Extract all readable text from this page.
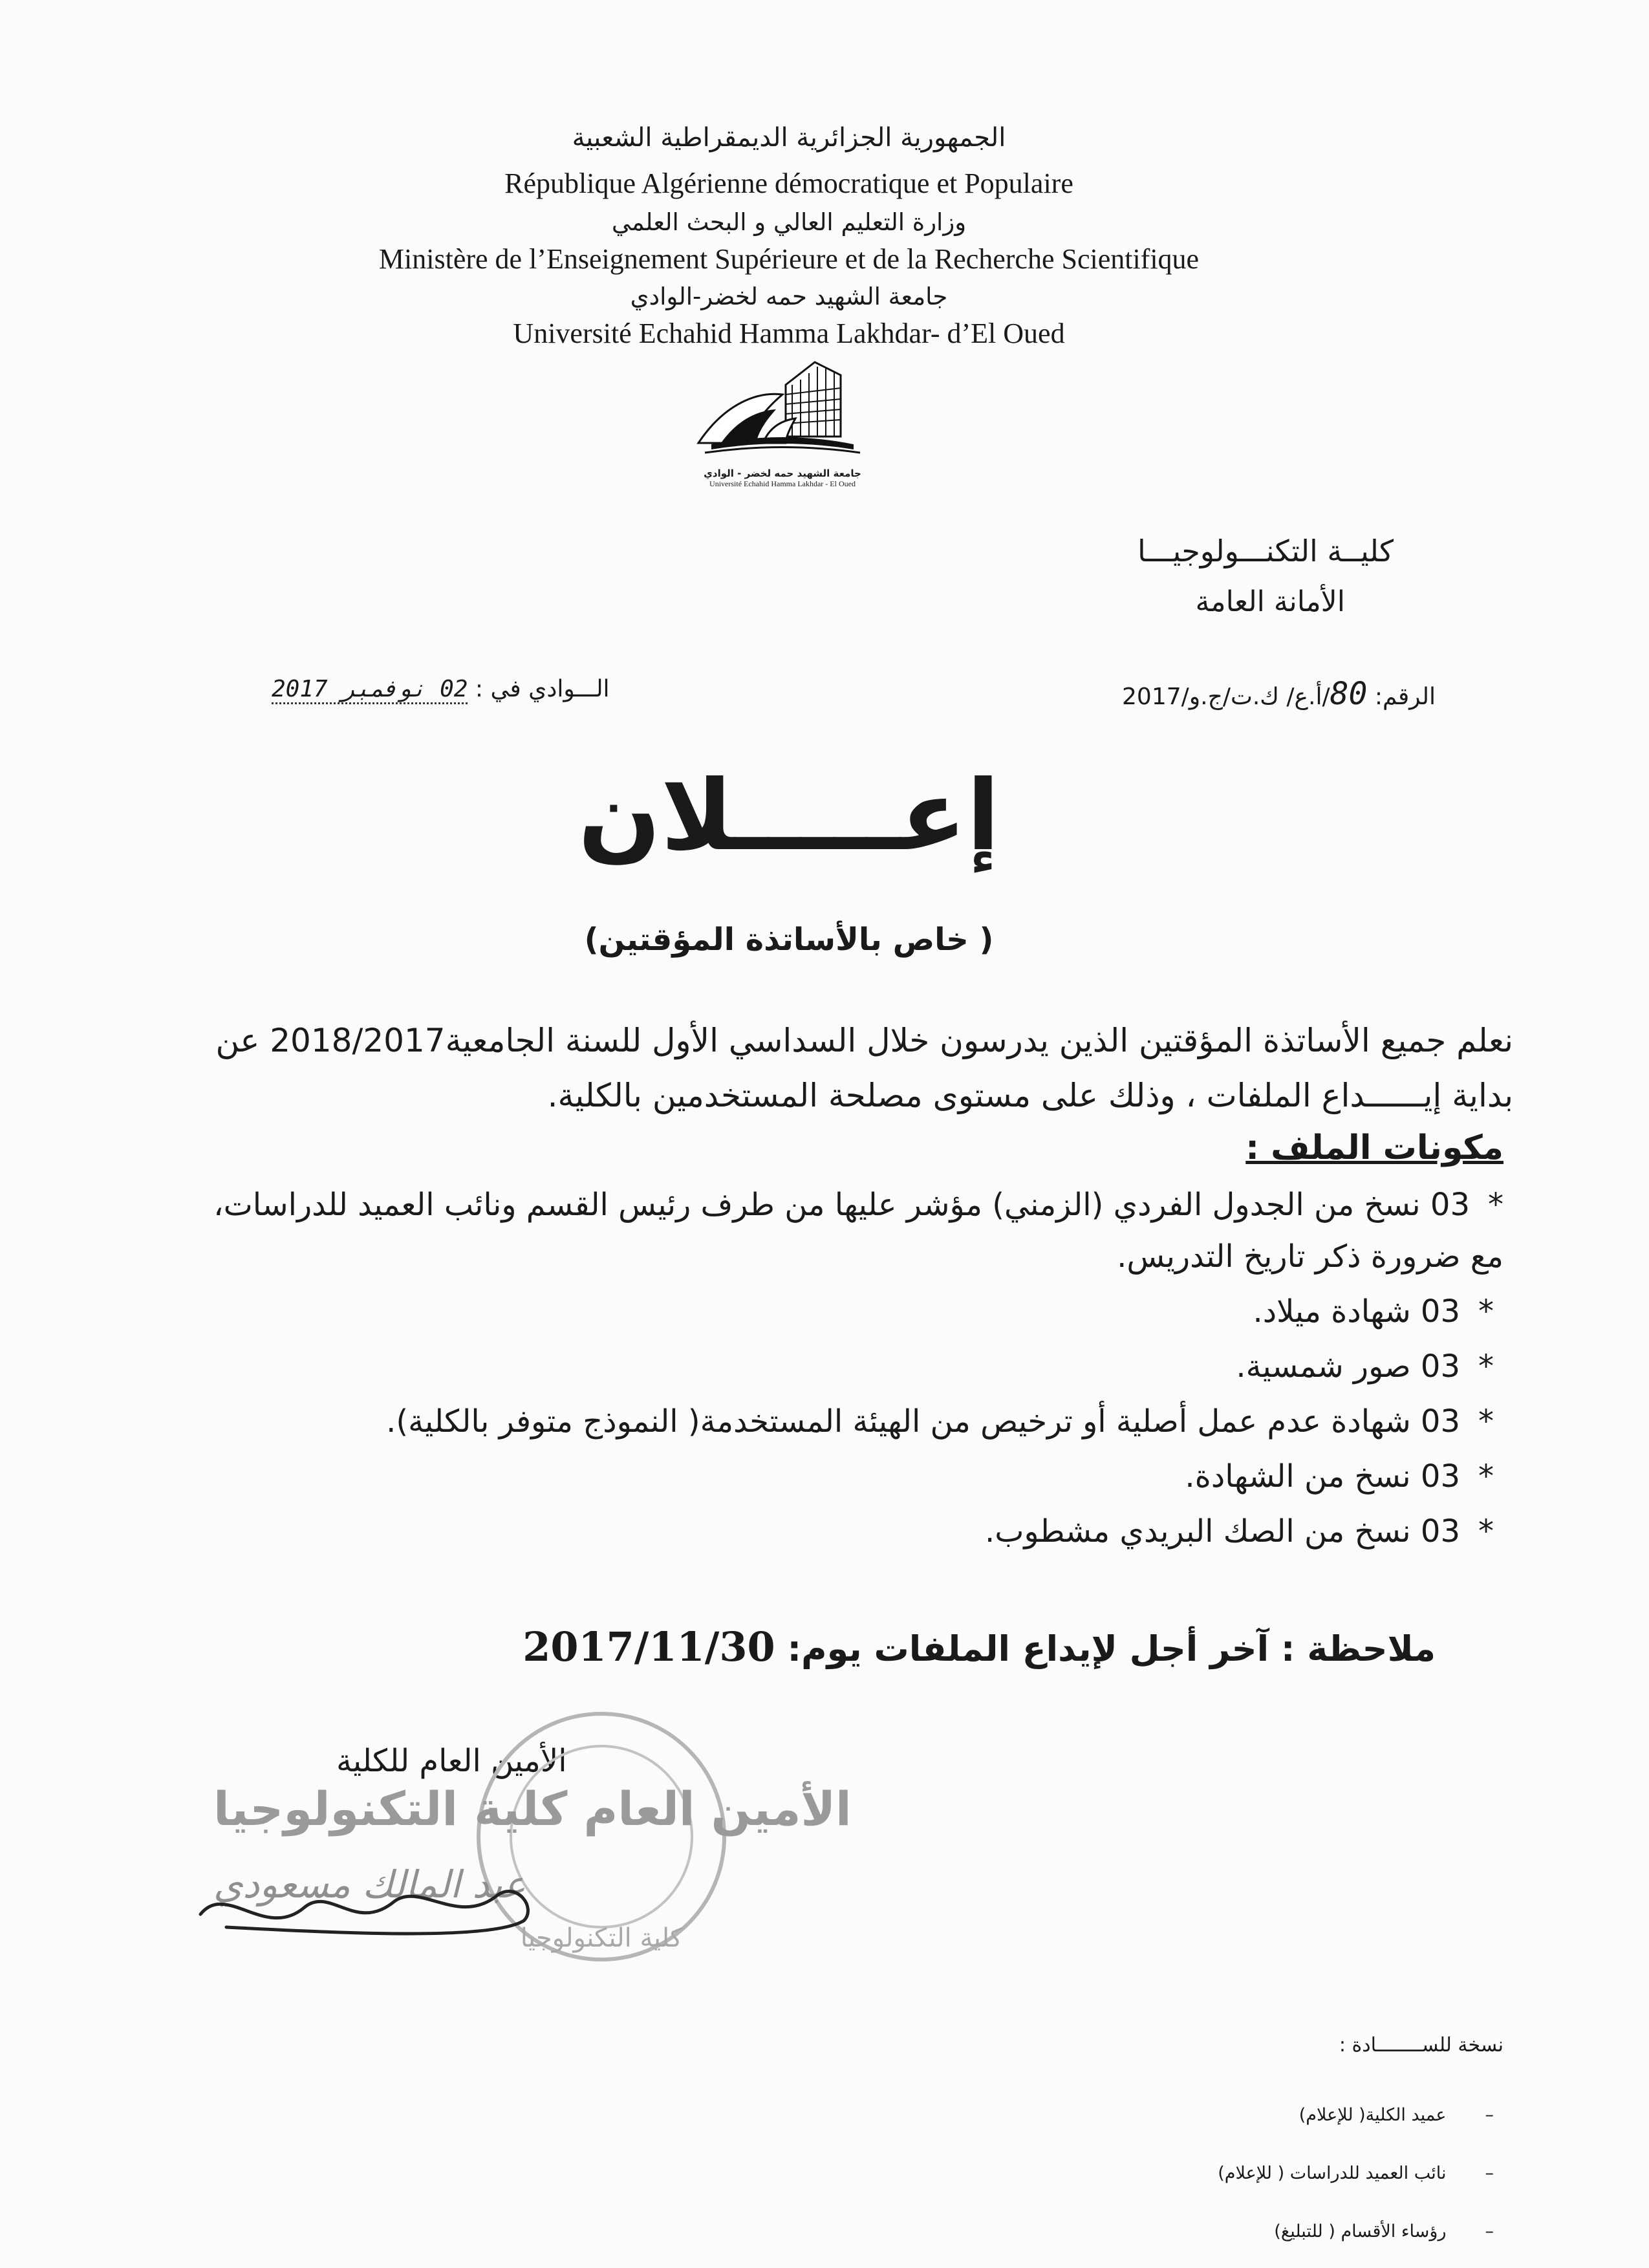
الجمهورية الجزائرية الديمقراطية الشعبية
République Algérienne démocratique et Populaire
وزارة التعليم العالي و البحث العلمي
Ministère de l’Enseignement Supérieure et de la Recherche Scientifique
جامعة الشهيد حمه لخضر-الوادي
Université Echahid Hamma Lakhdar- d’El Oued
جامعة الشهيد حمه لخضر - الوادي
Université Echahid Hamma Lakhdar - El Oued
كليــة التكنـــولوجيـــا
الأمانة العامة
الرقم: 80/أ.ع/ ك.ت/ج.و/2017
الـــوادي في : 02 نوفمبر 2017
إعـــــلان
( خاص بالأساتذة المؤقتين)
نعلم جميع الأساتذة المؤقتين الذين يدرسون خلال السداسي الأول للسنة الجامعية2018/2017 عن
بداية إيــــــداع الملفات ، وذلك على مستوى مصلحة المستخدمين بالكلية.
مكونات الملف :
*03 نسخ من الجدول الفردي (الزمني) مؤشر عليها من طرف رئيس القسم ونائب العميد للدراسات،
مع ضرورة ذكر تاريخ التدريس.
*03 شهادة ميلاد.
*03 صور شمسية.
*03 شهادة عدم عمل أصلية أو ترخيص من الهيئة المستخدمة( النموذج متوفر بالكلية).
*03 نسخ من الشهادة.
*03 نسخ من الصك البريدي مشطوب.
ملاحظة : آخر أجل لإيداع الملفات يوم: 2017/11/30
الأمين العام للكلية
كلية التكنولوجيا
الأمين العام كلية التكنولوجيا
عبد المالك مسعودي
نسخة للســــــــادة :
–عميد الكلية( للإعلام)
–نائب العميد للدراسات ( للإعلام)
–رؤساء الأقسام ( للتبليغ)
